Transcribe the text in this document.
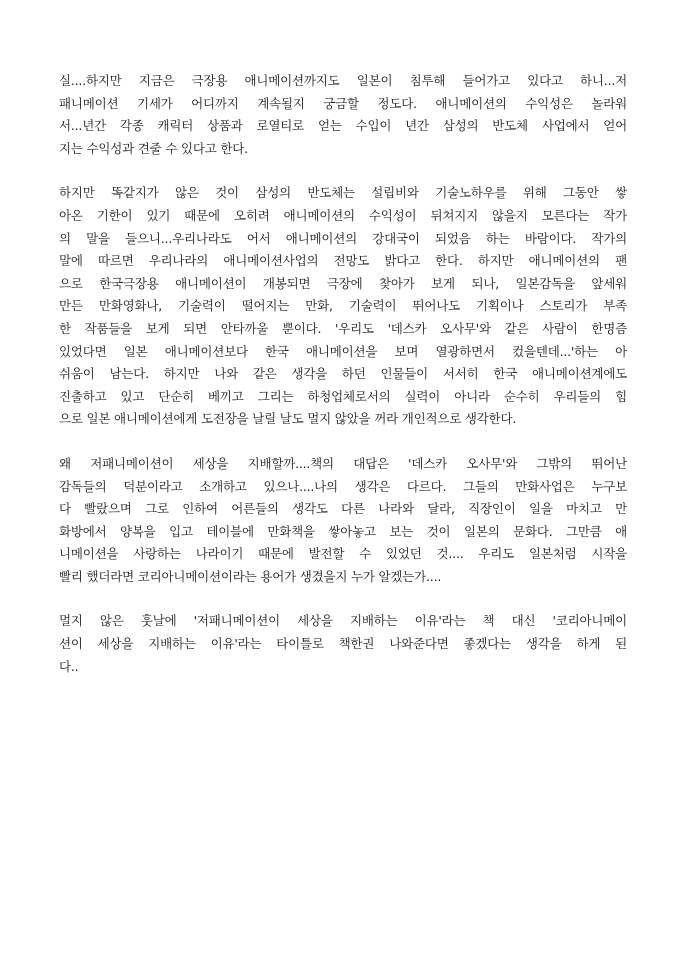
실....하지만 지금은 극장용 애니메이션까지도 일본이 침투해 들어가고 있다고 하니...저
패니메이션 기세가 어디까지 계속될지 궁금할 정도다. 애니메이션의 수익성은 놀라워
서...년간 각종 캐릭터 상품과 로열티로 얻는 수입이 년간 삼성의 반도체 사업에서 얻어
지는 수익성과 견줄 수 있다고 한다.

하지만 똑같지가 않은 것이 삼성의 반도체는 설립비와 기술노하우를 위해 그동안 쌓
아온 기한이 있기 때문에 오히려 애니메이션의 수익성이 뒤쳐지지 않을지 모른다는 작가
의 말을 들으니...우리나라도 어서 애니메이션의 강대국이 되었음 하는 바람이다. 작가의
말에 따르면 우리나라의 애니메이션사업의 전망도 밝다고 한다. 하지만 애니메이션의 팬
으로 한국극장용 애니메이션이 개봉되면 극장에 찾아가 보게 되나, 일본감독을 앞세워
만든 만화영화나, 기술력이 떨어지는 만화, 기술력이 뛰어나도 기획이나 스토리가 부족
한 작품들을 보게 되면 안타까울 뿐이다. '우리도 '데스카 오사무'와 같은 사람이 한명즘
있었다면 일본 애니메이션보다 한국 애니메이션을 보며 열광하면서 컸을텐데...'하는 아
쉬움이 남는다. 하지만 나와 같은 생각을 하던 인물들이 서서히 한국 애니메이션계에도
진출하고 있고 단순히 베끼고 그리는 하청업체로서의 실력이 아니라 순수히 우리들의 힘
으로 일본 애니메이션에게 도전장을 날릴 날도 멀지 않았을 꺼라 개인적으로 생각한다.

왜 저패니메이션이 세상을 지배할까....책의 대답은 '데스카 오사무'와 그밖의 뛰어난
감독들의 덕분이라고 소개하고 있으나....나의 생각은 다르다. 그들의 만화사업은 누구보
다 빨랐으며 그로 인하여 어른들의 생각도 다른 나라와 달라, 직장인이 일을 마치고 만
화방에서 양복을 입고 테이블에 만화책을 쌓아놓고 보는 것이 일본의 문화다. 그만큼 애
니메이션을 사랑하는 나라이기 때문에 발전할 수 있었던 것.... 우리도 일본처럼 시작을
빨리 했더라면 코리아니메이션이라는 용어가 생겼을지 누가 알겠는가....

멀지 않은 훗날에 '저패니메이션이 세상을 지배하는 이유'라는 책 대신 '코리아니메이
션이 세상을 지배하는 이유'라는 타이틀로 책한권 나와준다면 좋겠다는 생각을 하게 된
다..
